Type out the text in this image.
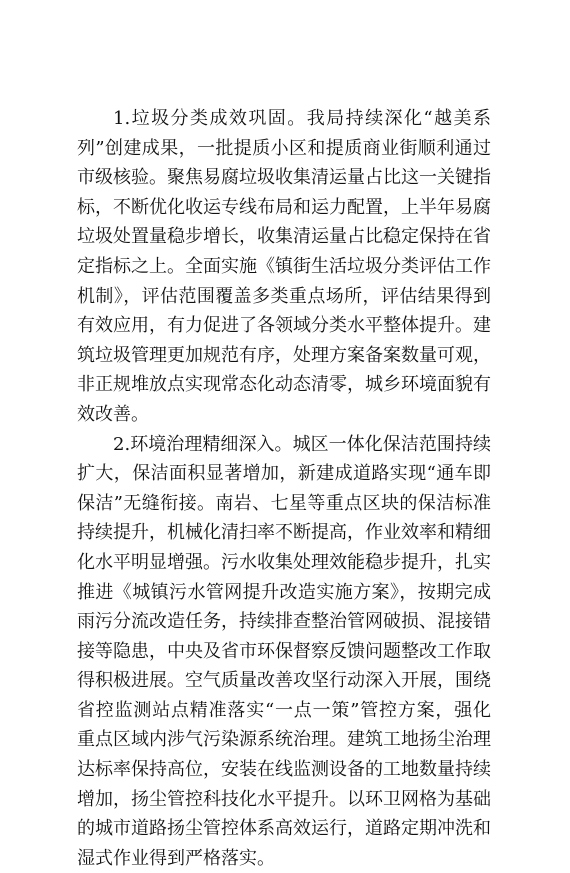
1.垃圾分类成效巩固。我局持续深化“越美系列”创建成果，一批提质小区和提质商业街顺利通过市级核验。聚焦易腐垃圾收集清运量占比这一关键指标，不断优化收运专线布局和运力配置，上半年易腐垃圾处置量稳步增长，收集清运量占比稳定保持在省定指标之上。全面实施《镇街生活垃圾分类评估工作机制》，评估范围覆盖多类重点场所，评估结果得到有效应用，有力促进了各领域分类水平整体提升。建筑垃圾管理更加规范有序，处理方案备案数量可观，非正规堆放点实现常态化动态清零，城乡环境面貌有效改善。

2.环境治理精细深入。城区一体化保洁范围持续扩大，保洁面积显著增加，新建成道路实现“通车即保洁”无缝衔接。南岩、七星等重点区块的保洁标准持续提升，机械化清扫率不断提高，作业效率和精细化水平明显增强。污水收集处理效能稳步提升，扎实推进《城镇污水管网提升改造实施方案》，按期完成雨污分流改造任务，持续排查整治管网破损、混接错接等隐患，中央及省市环保督察反馈问题整改工作取得积极进展。空气质量改善攻坚行动深入开展，围绕省控监测站点精准落实“一点一策”管控方案，强化重点区域内涉气污染源系统治理。建筑工地扬尘治理达标率保持高位，安装在线监测设备的工地数量持续增加，扬尘管控科技化水平提升。以环卫网格为基础的城市道路扬尘管控体系高效运行，道路定期冲洗和湿式作业得到严格落实。
